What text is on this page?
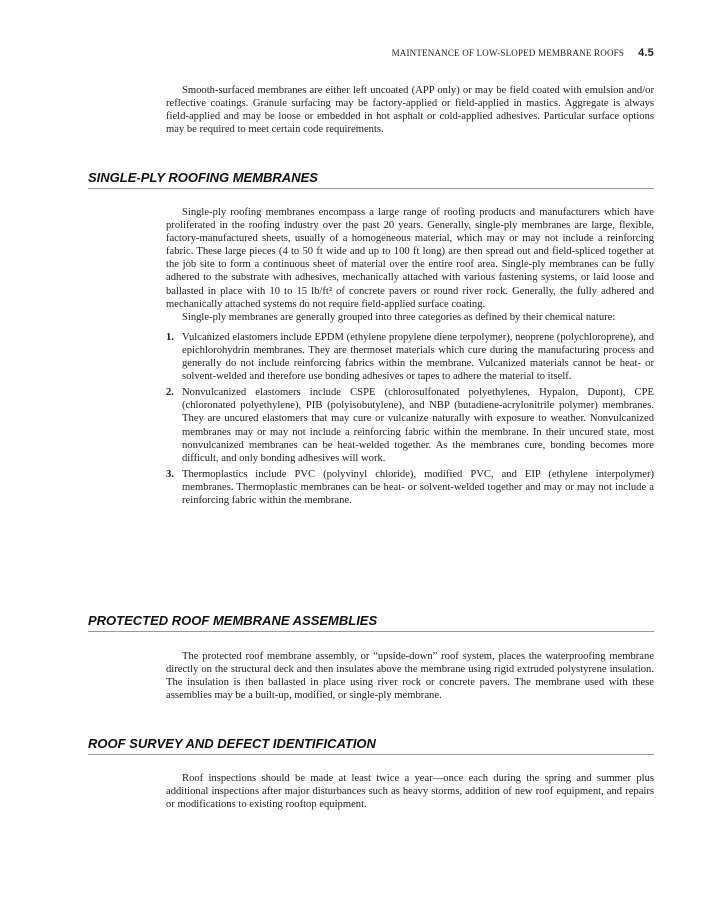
MAINTENANCE OF LOW-SLOPED MEMBRANE ROOFS 4.5

Smooth-surfaced membranes are either left uncoated (APP only) or may be field coated with emulsion and/or reflective coatings. Granule surfacing may be factory-applied or field-applied in mastics. Aggregate is always field-applied and may be loose or embedded in hot asphalt or cold-applied adhesives. Particular surface options may be required to meet certain code requirements.

SINGLE-PLY ROOFING MEMBRANES

Single-ply roofing membranes encompass a large range of roofing products and manufacturers which have proliferated in the roofing industry over the past 20 years. Generally, single-ply membranes are large, flexible, factory-manufactured sheets, usually of a homogeneous material, which may or may not include a reinforcing fabric. These large pieces (4 to 50 ft wide and up to 100 ft long) are then spread out and field-spliced together at the job site to form a continuous sheet of material over the entire roof area. Single-ply membranes can be fully adhered to the substrate with adhesives, mechanically attached with various fastening systems, or laid loose and ballasted in place with 10 to 15 lb/ft² of concrete pavers or round river rock. Generally, the fully adhered and mechanically attached systems do not require field-applied surface coating.

Single-ply membranes are generally grouped into three categories as defined by their chemical nature:

1. Vulcanized elastomers include EPDM (ethylene propylene diene terpolymer), neoprene (polychloroprene), and epichlorohydrin membranes. They are thermoset materials which cure during the manufacturing process and generally do not include reinforcing fabrics within the membrane. Vulcanized materials cannot be heat- or solvent-welded and therefore use bonding adhesives or tapes to adhere the material to itself.
2. Nonvulcanized elastomers include CSPE (chlorosulfonated polyethylenes, Hypalon, Dupont), CPE (chloronated polyethylene), PIB (polyisobutylene), and NBP (butadiene-acrylonitrile polymer) membranes. They are uncured elastomers that may cure or vulcanize naturally with exposure to weather. Nonvulcanized membranes may or may not include a reinforcing fabric within the membrane. In their uncured state, most nonvulcanized membranes can be heat-welded together. As the membranes cure, bonding becomes more difficult, and only bonding adhesives will work.
3. Thermoplastics include PVC (polyvinyl chloride), modified PVC, and EIP (ethylene interpolymer) membranes. Thermoplastic membranes can be heat- or solvent-welded together and may or may not include a reinforcing fabric within the membrane.
PROTECTED ROOF MEMBRANE ASSEMBLIES

The protected roof membrane assembly, or “upside-down” roof system, places the waterproofing membrane directly on the structural deck and then insulates above the membrane using rigid extruded polystyrene insulation. The insulation is then ballasted in place using river rock or concrete pavers. The membrane used with these assemblies may be a built-up, modified, or single-ply membrane.

ROOF SURVEY AND DEFECT IDENTIFICATION

Roof inspections should be made at least twice a year—once each during the spring and summer plus additional inspections after major disturbances such as heavy storms, addition of new roof equipment, and repairs or modifications to existing rooftop equipment.
